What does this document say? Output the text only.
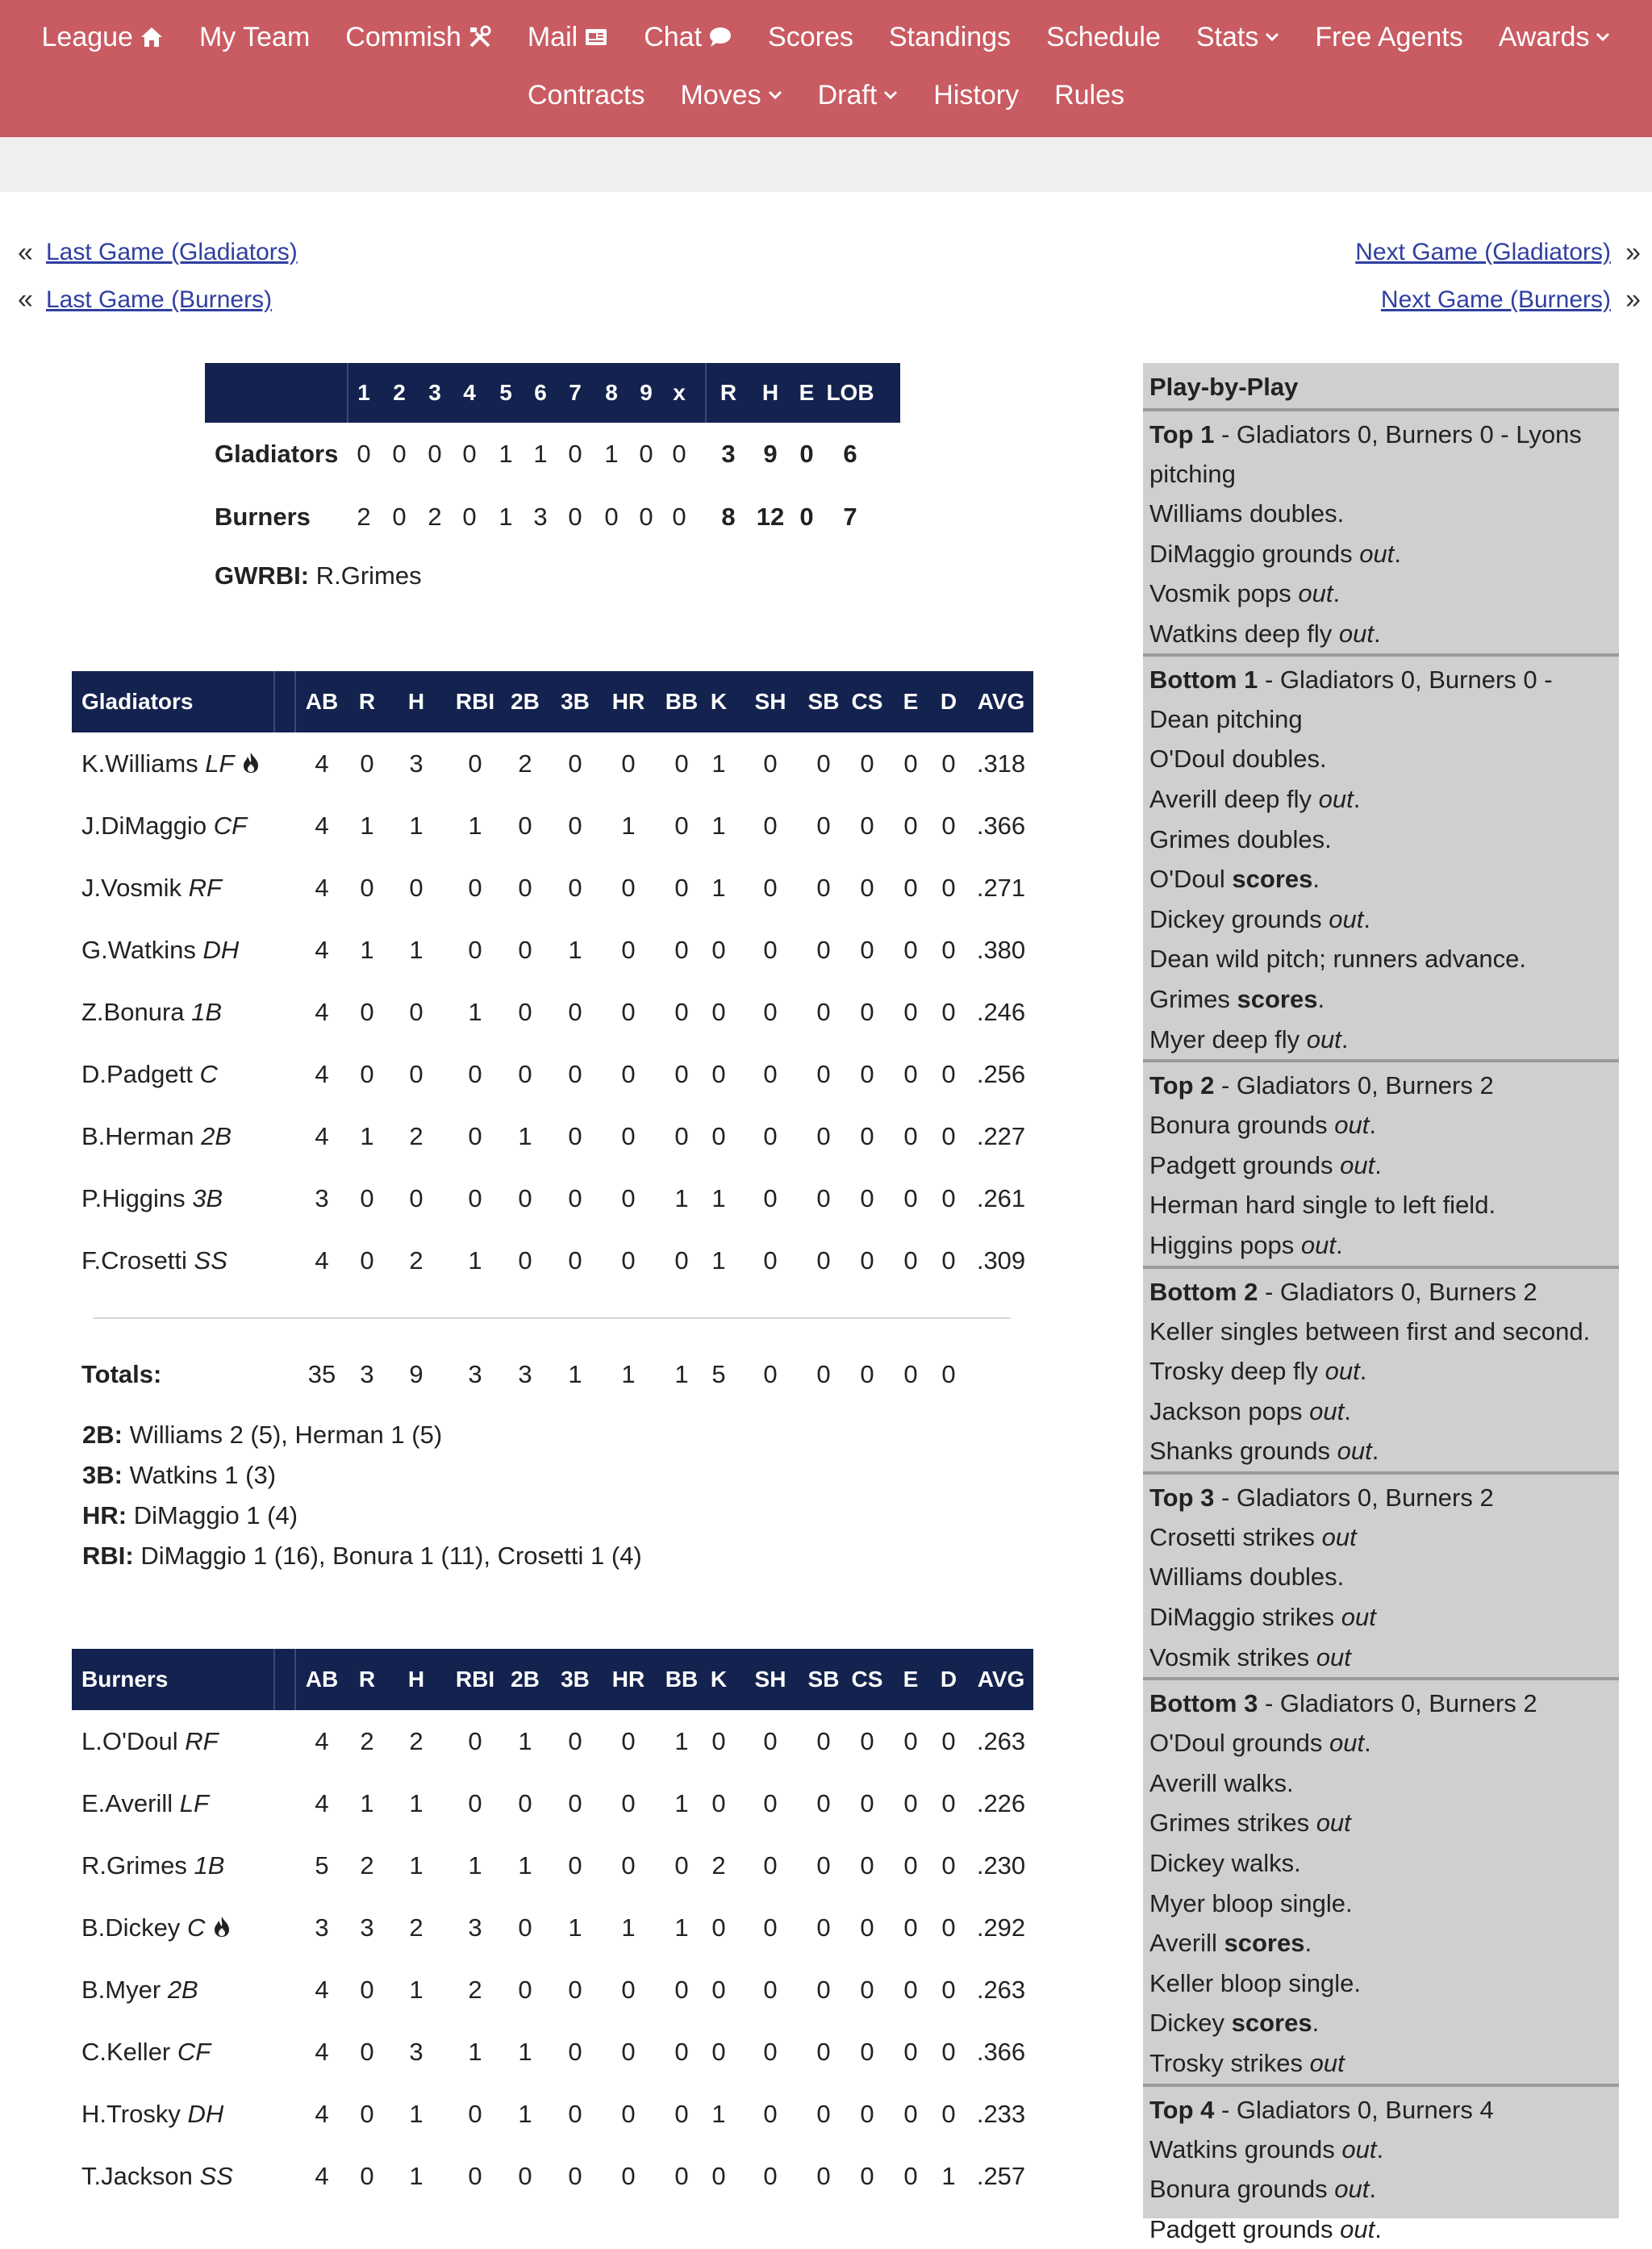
League My Team Commish Mail Chat Scores Standings Schedule Stats Free Agents Awards
Contracts Moves Draft History Rules
« Last Game (Gladiators)
« Last Game (Burners)
Next Game (Gladiators) »
Next Game (Burners) »
1	2	3 4	5 6 7	8 9 x	R	H E LOB
Gladiators 0 0 0 0 1 1 0 1 0 0	3	9 0	6
Burners	2 0 2 0 1 3 0 0 0 0	8 12 0	7
GWRBI: R.Grimes
Gladiators	AB R	H	RBI 2B 3B HR BB K	SH SB CS E D AVG
K.Williams LF	4	0	3	0	2	0	0	0 1	0	0	0	0 0 .318
J.DiMaggio CF	4	1	1	1	0	0	1	0 1	0	0	0	0 0 .366
J.Vosmik RF	4	0	0	0	0	0	0	0 1	0	0	0	0 0 .271
G.Watkins DH	4	1	1	0	0	1	0	0 0	0	0	0	0 0 .380
Z.Bonura 1B	4	0	0	1	0	0	0	0 0	0	0	0	0 0 .246
D.Padgett C	4	0	0	0	0	0	0	0 0	0	0	0	0 0 .256
B.Herman 2B	4	1	2	0	1	0	0	0 0	0	0	0	0 0 .227
P.Higgins 3B	3	0	0	0	0	0	0	1 1	0	0	0	0 0 .261
F.Crosetti SS	4	0	2	1	0	0	0	0 1	0	0	0	0 0 .309
Totals:	35 3	9	3	3	1	1	1 5	0	0	0	0 0
2B: Williams 2 (5), Herman 1 (5)
3B: Watkins 1 (3)
HR: DiMaggio 1 (4)
RBI: DiMaggio 1 (16), Bonura 1 (11), Crosetti 1 (4)
Burners	AB R	H	RBI 2B 3B HR BB K	SH SB CS E D AVG
L.O'Doul RF	4	2	2	0	1	0	0	1 0	0	0	0	0 0 .263
E.Averill LF	4	1	1	0	0	0	0	1 0	0	0	0	0 0 .226
R.Grimes 1B	5	2	1	1	1	0	0	0 2	0	0	0	0 0 .230
B.Dickey C	3	3	2	3	0	1	1	1 0	0	0	0	0 0 .292
B.Myer 2B	4	0	1	2	0	0	0	0 0	0	0	0	0 0 .263
C.Keller CF	4	0	3	1	1	0	0	0 0	0	0	0	0 0 .366
H.Trosky DH	4	0	1	0	1	0	0	0 1	0	0	0	0 0 .233
T.Jackson SS	4	0	1	0	0	0	0	0 0	0	0	0	0 1 .257
Play-by-Play
Top 1 - Gladiators 0, Burners 0 - Lyons pitching
Williams doubles.
DiMaggio grounds out.
Vosmik pops out.
Watkins deep fly out.
Bottom 1 - Gladiators 0, Burners 0 - Dean pitching
O'Doul doubles.
Averill deep fly out.
Grimes doubles.
O'Doul scores.
Dickey grounds out.
Dean wild pitch; runners advance.
Grimes scores.
Myer deep fly out.
Top 2 - Gladiators 0, Burners 2
Bonura grounds out.
Padgett grounds out.
Herman hard single to left field.
Higgins pops out.
Bottom 2 - Gladiators 0, Burners 2
Keller singles between first and second.
Trosky deep fly out.
Jackson pops out.
Shanks grounds out.
Top 3 - Gladiators 0, Burners 2
Crosetti strikes out
Williams doubles.
DiMaggio strikes out
Vosmik strikes out
Bottom 3 - Gladiators 0, Burners 2
O'Doul grounds out.
Averill walks.
Grimes strikes out
Dickey walks.
Myer bloop single.
Averill scores.
Keller bloop single.
Dickey scores.
Trosky strikes out
Top 4 - Gladiators 0, Burners 4
Watkins grounds out.
Bonura grounds out.
Padgett grounds out.
